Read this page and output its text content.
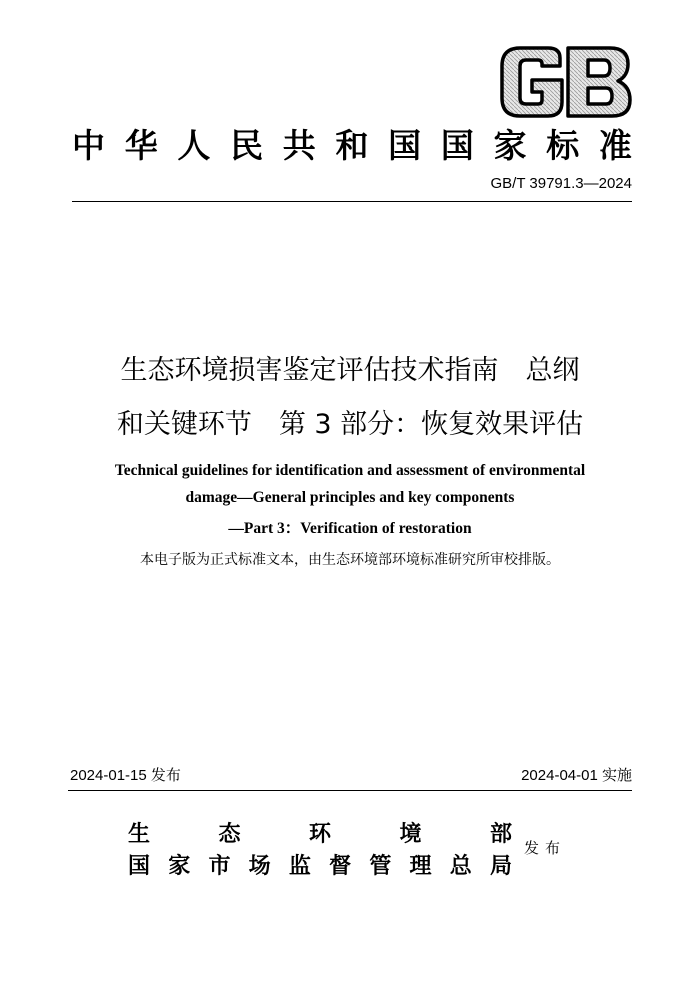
中 华 人 民 共 和 国 国 家 标 准
GB/T 39791.3—2024
生态环境损害鉴定评估技术指南　总纲
和关键环节　第 3 部分：恢复效果评估
Technical guidelines for identification and assessment of environmental
damage—General principles and key components
—Part 3：Verification of restoration
本电子版为正式标准文本，由生态环境部环境标准研究所审校排版。
2024-01-15 发布	2024-04-01 实施
生	态	环	境	部
国 家 市 场 监 督 管 理 总 局
发布
